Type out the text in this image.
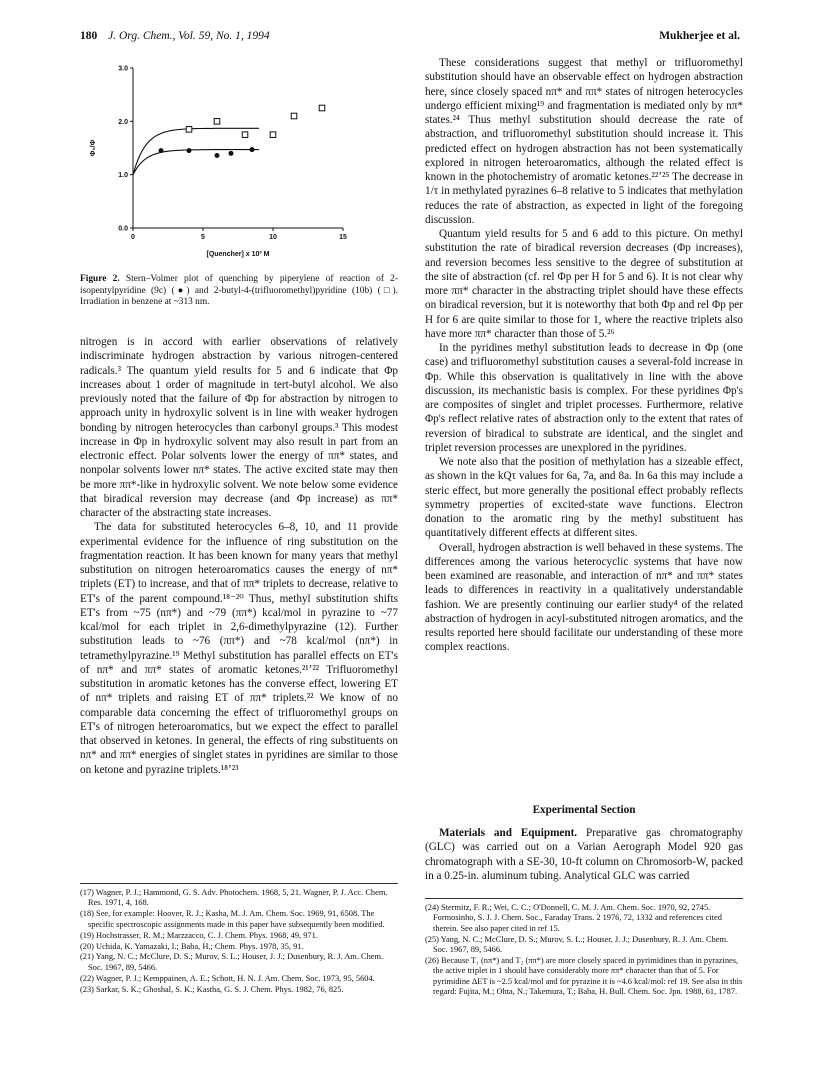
180 J. Org. Chem., Vol. 59, No. 1, 1994	Mukherjee et al.
0.0
1.0
2.0
3.0
0	5	10	15
[Quencher] x 10³ M
Φ₀/Φ
Figure 2. Stern–Volmer plot of quenching by piperylene of reaction of 2-isopentylpyridine (9c) (●) and 2-butyl-4-(trifluoromethyl)pyridine (10b) (□). Irradiation in benzene at ~313 nm.

nitrogen is in accord with earlier observations of relatively indiscriminate hydrogen abstraction by various nitrogen-centered radicals.³ The quantum yield results for 5 and 6 indicate that Φp increases about 1 order of magnitude in tert-butyl alcohol. We also previously noted that the failure of Φp for abstraction by nitrogen to approach unity in hydroxylic solvent is in line with weaker hydrogen bonding by nitrogen heterocycles than carbonyl groups.³ This modest increase in Φp in hydroxylic solvent may also result in part from an electronic effect. Polar solvents lower the energy of ππ* states, and nonpolar solvents lower nπ* states. The active excited state may then be more ππ*-like in hydroxylic solvent. We note below some evidence that biradical reversion may decrease (and Φp increase) as ππ* character of the abstracting state increases.

The data for substituted heterocycles 6–8, 10, and 11 provide experimental evidence for the influence of ring substitution on the fragmentation reaction. It has been known for many years that methyl substitution on nitrogen heteroaromatics causes the energy of nπ* triplets (ET) to increase, and that of ππ* triplets to decrease, relative to ET's of the parent compound.¹⁸⁻²⁰ Thus, methyl substitution shifts ET's from ~75 (nπ*) and ~79 (ππ*) kcal/mol in pyrazine to ~77 kcal/mol for each triplet in 2,6-dimethylpyrazine (12). Further substitution leads to ~76 (ππ*) and ~78 kcal/mol (nπ*) in tetramethylpyrazine.¹⁹ Methyl substitution has parallel effects on ET's of nπ* and ππ* states of aromatic ketones.²¹ʼ²² Trifluoromethyl substitution in aromatic ketones has the converse effect, lowering ET of nπ* triplets and raising ET of ππ* triplets.²² We know of no comparable data concerning the effect of trifluoromethyl groups on ET's of nitrogen heteroaromatics, but we expect the effect to parallel that observed in ketones. In general, the effects of ring substituents on nπ* and ππ* energies of singlet states in pyridines are similar to those on ketone and pyrazine triplets.¹⁸ʼ²³

These considerations suggest that methyl or trifluoromethyl substitution should have an observable effect on hydrogen abstraction here, since closely spaced nπ* and ππ* states of nitrogen heterocycles undergo efficient mixing¹⁹ and fragmentation is mediated only by nπ* states.²⁴ Thus methyl substitution should decrease the rate of abstraction, and trifluoromethyl substitution should increase it. This predicted effect on hydrogen abstraction has not been systematically explored in nitrogen heteroaromatics, although the related effect is known in the photochemistry of aromatic ketones.²²ʼ²⁵ The decrease in 1/τ in methylated pyrazines 6–8 relative to 5 indicates that methylation reduces the rate of abstraction, as expected in light of the foregoing discussion.

Quantum yield results for 5 and 6 add to this picture. On methyl substitution the rate of biradical reversion decreases (Φp increases), and reversion becomes less sensitive to the degree of substitution at the site of abstraction (cf. rel Φp per H for 5 and 6). It is not clear why more ππ* character in the abstracting triplet should have these effects on biradical reversion, but it is noteworthy that both Φp and rel Φp per H for 6 are quite similar to those for 1, where the reactive triplets also have more ππ* character than those of 5.²⁶

In the pyridines methyl substitution leads to decrease in Φp (one case) and trifluoromethyl substitution causes a several-fold increase in Φp. While this observation is qualitatively in line with the above discussion, its mechanistic basis is complex. For these pyridines Φp's are composites of singlet and triplet processes. Furthermore, relative Φp's reflect relative rates of abstraction only to the extent that rates of reversion of biradical to substrate are identical, and the singlet and triplet reversion processes are unexplored in the pyridines.

We note also that the position of methylation has a sizeable effect, as shown in the kQτ values for 6a, 7a, and 8a. In 6a this may include a steric effect, but more generally the positional effect probably reflects symmetry properties of excited-state wave functions. Electron donation to the aromatic ring by the methyl substituent has quantitatively different effects at different sites.

Overall, hydrogen abstraction is well behaved in these systems. The differences among the various heterocyclic systems that have now been examined are reasonable, and interaction of nπ* and ππ* states leads to differences in reactivity in a qualitatively understandable fashion. We are presently continuing our earlier study⁴ of the related abstraction of hydrogen in acyl-substituted nitrogen aromatics, and the results reported here should facilitate our understanding of these more complex reactions.

Experimental Section

Materials and Equipment. Preparative gas chromatography (GLC) was carried out on a Varian Aerograph Model 920 gas chromatograph with a SE-30, 10-ft column on Chromosorb-W, packed in a 0.25-in. aluminum tubing. Analytical GLC was carried

(17) Wagner, P. J.; Hammond, G. S. Adv. Photochem. 1968, 5, 21. Wagner, P. J. Acc. Chem. Res. 1971, 4, 168.

(18) See, for example: Hoover, R. J.; Kasha, M. J. Am. Chem. Soc. 1969, 91, 6508. The specific spectroscopic assignments made in this paper have subsequently been modified.

(19) Hochstrasser, R. M.; Marzzacco, C. J. Chem. Phys. 1968, 49, 971.

(20) Uchida, K. Yamazaki, I.; Baba, H.; Chem. Phys. 1978, 35, 91.

(21) Yang, N. C.; McClure, D. S.; Murov, S. L.; Houser, J. J.; Dusenbury, R. J. Am. Chem. Soc. 1967, 89, 5466.

(22) Wagner, P. J.; Kemppainen, A. E.; Schott, H. N. J. Am. Chem. Soc. 1973, 95, 5604.

(23) Sarkar, S. K.; Ghoshal, S. K.; Kastha, G. S. J. Chem. Phys. 1982, 76, 825.

(24) Stermitz, F. R.; Wei, C. C.; O'Donnell, C. M. J. Am. Chem. Soc. 1970, 92, 2745. Formosinho, S. J. J. Chem. Soc., Faraday Trans. 2 1976, 72, 1332 and references cited therein. See also paper cited in ref 15.

(25) Yang, N. C.; McClure, D. S.; Murov, S. L.; Houser, J. J.; Dusenbury, R. J. Am. Chem. Soc. 1967, 89, 5466.

(26) Because T₁ (nπ*) and T₂ (ππ*) are more closely spaced in pyrimidines than in pyrazines, the active triplet in 1 should have considerably more ππ* character than that of 5. For pyrimidine ΔET is ~2.5 kcal/mol and for pyrazine it is ~4.6 kcal/mol: ref 19. See also in this regard: Fujita, M.; Ohta, N.; Takemura, T.; Baba, H. Bull. Chem. Soc. Jpn. 1988, 61, 1787.
